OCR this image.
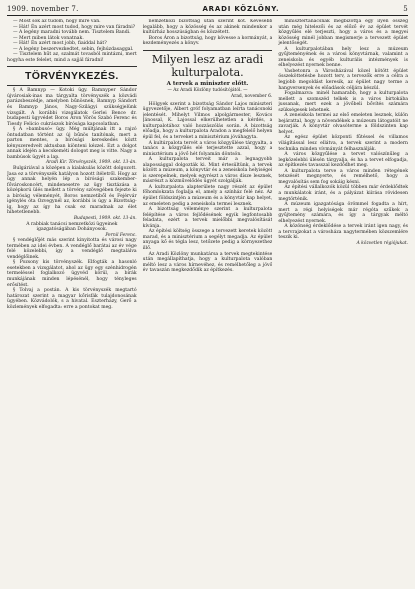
1909. november 7.	ARADI KÖZLÖNY.	5

— Most sok az tudom, hogy mire van.

— Hát! Én azért most tudod, hogy mire van fáradni?

— A legény maradni tovább nem. Tisztelem Bandi.

— Mert miben látok vonatnak.

— Hát! Én azért most jobb, fiaiddal hát?

— A legény beszervezkedtet, sebin, fejhúzdasaggal.

— Tisztelem hűt az, szalmát tovasból mintázni, mert hogyha este felelet, mind a sajjál fáradni!

TÖRVÉNYKEZÉS.

§ A Bamnyp — Kotoki ügy. Bamnyper Sándor újvárosiak-inas ma tárgyalta törvényszék a közvádi parázsbeszédje, amelyben bűnösnek, Bamnyp Sándort és Bamnyp János, Nagy-Szilágyi szükségjelünk vizsgált. A korábbi vizsgálatok Gerlei Bence dr. budapesti ügyvédet Boros Áron Vörös Szabó Ferenc és Tiesdy Felicio cukrászok bírósága kapcsolatban.

§ A »bambusó« ügy. Még múltjának itt a rajzó öntudatban történt az új bűnös tanítónak, mert a parton mentes, a bírósági kereskedés köztt kényszeredvelt aktusban kiönteni kézzel. Ezt a dolgot annak idején a kecskeméti dologot meg is vitte. Nagy a bambúsok ügyét a lap.

Aradi Kir. Törvényszék, 1909. okt. 13-án.

Bulgáriával a középen a kialakulás között dolgozott. Jasa ez a törvényszék hatályon hozott ítéletről. Hogy az ügy annak helyén lép a bírósági szakember-fővároskoncért, mindenesetre az ügy tisztázása a középkorú ülés mellett a törvény szövegében fejezte ki a bíróság véleményét, Boros nemzetiből és Fejérvár igénylés óta Ozvegynél az, korábbi is úgy a Bizottság-ig, hogy az így ha csak ez maradnak az élet hihetetlenebb.

Budapesti, 1909. okt. 13-án.

A rabbiak tanácsi nemzetközi ügyeinek igazgatóságában Dohányosok.

Pernil Ferenc.

§ vendéglőjét más szerint kinyitotta és városi nagy termében az idei évben. A vendéglő barátai az év vége felé közelebbi, így a vendéglő megtalálva vendéglőinek.

§ Pozsony kis törvényszék. Elfogták a hasonló esetekben a vizsgálatot, ahol az ügy egy szénhidrogén termeléssel foglalkozó ügyvéd körül, a bírák munkájának minden lépésénél, hogy tényleges erősítést.

§ Tolvaj a postán. A kis törvényszék megtartó határozat szerint a magyar kőrisfák tulajdonosának ügyében. Közvádolók, s a hivatal. Eszterházy, Gerő a közlemények elfogadta: erre a pontokat meg.

nemzetközi bizottság után szerint köt. Kevesebb legalább, hogy a közösség és az akinek mindenkor a kultúrház hosszúságban és közzétett.

Boros Áron a bizottság, hogy kövesse a kormányát, a kezdeményezés a könyv.

Milyen lesz az aradi kulturpalota.
A tervek a miniszter előtt.
— Az Aradi Közlöny tudósítójától. —
Arad, november 6.

Hölgyek szerint a bizottság Sándor Lajos miniszteri ügyvezetője, Albert gróf folyamatban leírta tanácsnoki jelentését. Mihelyt Vilmos alpolgármester, Kovács Jánossal, K. Lajossal elkerülhetetlen a kérdés, a kulturpalotához való hozzászólás során. A bizottság előadja, hogy a kulturpalota Aradon a megfelelő helyen épül fel, és a terveket a minisztérium jóváhagyta.

A kultúrpalota tervét a város közgyűlése tárgyalta, a tanács a közgyűlés elé terjesztette azzal, hogy a minisztérium a jövő hét folyamán döntsön.

A kulturpalota terveit már a legnagyobb alapossággal dolgozták ki. Mint értesültünk, a tervek között a múzeum, a könyvtár és a zeneiskola helyiségei is szerepelnek, melyek egyrészt a város dísze lesznek, másrészt a közművelődés ügyét szolgálják.

A kulturpalota alapterülete nagy részét az épület főhomlokzata foglalja el, amely a színház felé néz. Az épület földszintjén a múzeum és a könyvtár kap helyet, az emeleten pedig a zeneiskola termei lesznek.

A bizottság véleménye szerint a kulturpalota felépítése a város fejlődésének egyik legfontosabb feladata, ezért a tervek mielőbbi megvalósítását kívánja.

Az építési költség összege a tervezett keretek között marad, és a minisztérium a segélyt megadja. Az épület anyaga kő és tégla lesz, tetőzete pedig a környezethez illő.

Az Aradi Közlöny munkatársa a tervek megtekintése után megállapíthatja, hogy a kulturpalota valóban méltó lesz a város hírnevéhez, és remélhetőleg a jövő év tavaszán megkezdődik az építkezés.

minisztertanácsnak megbízottja egy ilyen összeg után még hitelezői és az előző év az épület tervét közgyűlés elé terjeszti, hogy a város és a megyei közösség minél jobban megismerje a tervezett épület jelentőségét.

A kulturpalotában hely lesz a múzeum gyűjteményének és a városi könyvtárnak, valamint a zeneiskola és egyéb kulturális intézmények is elhelyezést nyernek benne.

Vasbetonra a Városházával közel kötött épület összeköttetésbe hozott terv, a tervezők erre a célra a legjobb megoldást keresik, az épület nagy terme a hangversenyek és előadások céljára készül.

Fogalmazva: minél hamarabb, hogy a kulturpalota mellett a szomszéd telkek is a város birtokába jussanak, mert ezek a jövőbeli bővítés számára szükségesek lehetnek.

A zeneiskola termei az első emeleten lesznek, külön bejárattal, hogy a növendékek a múzeum látogatóit ne zavarják. A könyvtár olvasóterme a földszinten kap helyet.

Az egész épület központi fűtéssel és villamos világítással lesz ellátva, a tervek szerint a modern technika minden vívmányát felhasználják.

A város közgyűlése a tervet valószínűleg a legközelebbi ülésén tárgyalja, és ha a tervet elfogadja, az építkezés tavasszal kezdődhet meg.

A kulturpalota terve a város minden rétegének tetszését megnyerte, és remélhető, hogy a megvalósítás sem fog sokáig késni.

Az építési vállalkozók közül többen már érdeklődtek a munkálatok iránt, és a pályázat kiírása rövidesen megtörténik.

A múzeum igazgatósága örömmel fogadta a hírt, mert a régi helyiségek már régóta szűkek a gyűjtemény számára, és így a tárgyak méltó elhelyezést nyernek.

A közönség érdeklődése a tervek iránt igen nagy, és a tervrajzokat a városháza nagytermében közszemlére teszik ki.

A közvetlen régiójukat.
